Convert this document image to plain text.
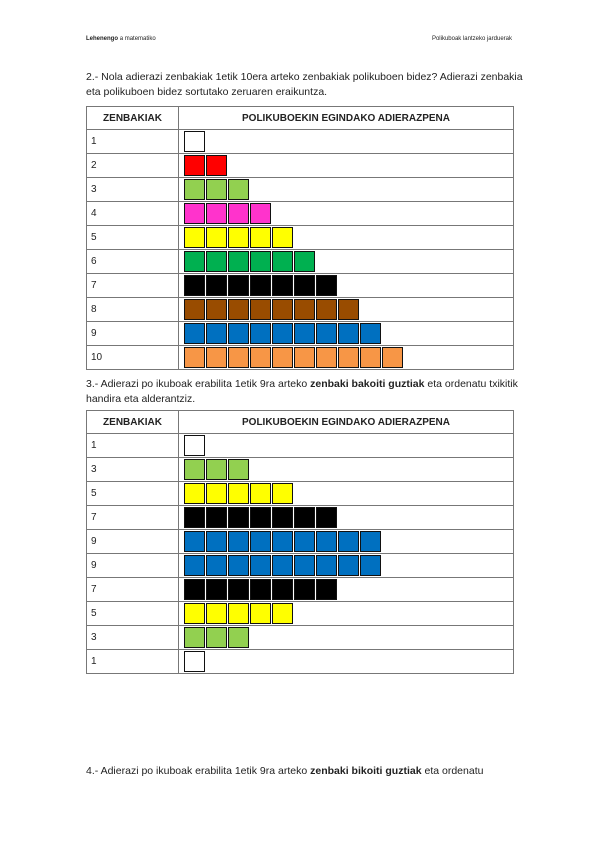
Lehenengo a matematiko	Polikuboak lantzeko jarduerak
2.- Nola adierazi zenbakiak 1etik 10era arteko zenbakiak polikuboen bidez? Adierazi zenbakia eta polikuboen bidez sortutako zeruaren eraikuntza.
ZENBAKIAK	POLIKUBOEKIN EGINDAKO ADIERAZPENA
1	

2	

3	

4	

5	

6	

7	

8	

9	

10	
3.- Adierazi po ikuboak erabilita 1etik 9ra arteko zenbaki bakoiti guztiak eta ordenatu txikitik handira eta alderantziz.
ZENBAKIAK	POLIKUBOEKIN EGINDAKO ADIERAZPENA
1	

3	

5	

7	

9	

9	

7	

5	

3	

1	
4.- Adierazi po ikuboak erabilita 1etik 9ra arteko zenbaki bikoiti guztiak eta ordenatu
